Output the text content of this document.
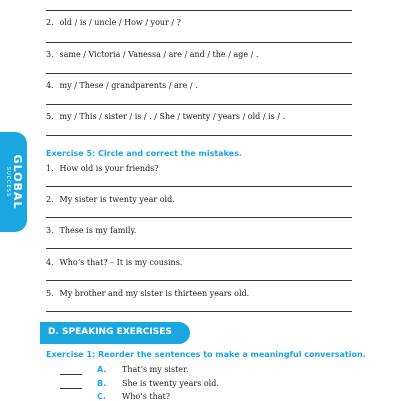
2. old / is / uncle / How / your / ?
3. same / Victoria / Vanessa / are / and / the / age / .
4. my / These / grandparents / are / .
5. my / This / sister / is / . / She / twenty / years / old / is / .
GLOBAL
SUCCESS
Exercise 5: Circle and correct the mistakes.
1. How old is your friends?
2. My sister is twenty year old.
3. These is my family.
4. Who’s that? – It is my cousins.
5. My brother and my sister is thirteen years old.
D. SPEAKING EXERCISES
Exercise 1: Reorder the sentences to make a meaningful conversation.
A. That’s my sister.
B. She is twenty years old.
C. Who’s that?
